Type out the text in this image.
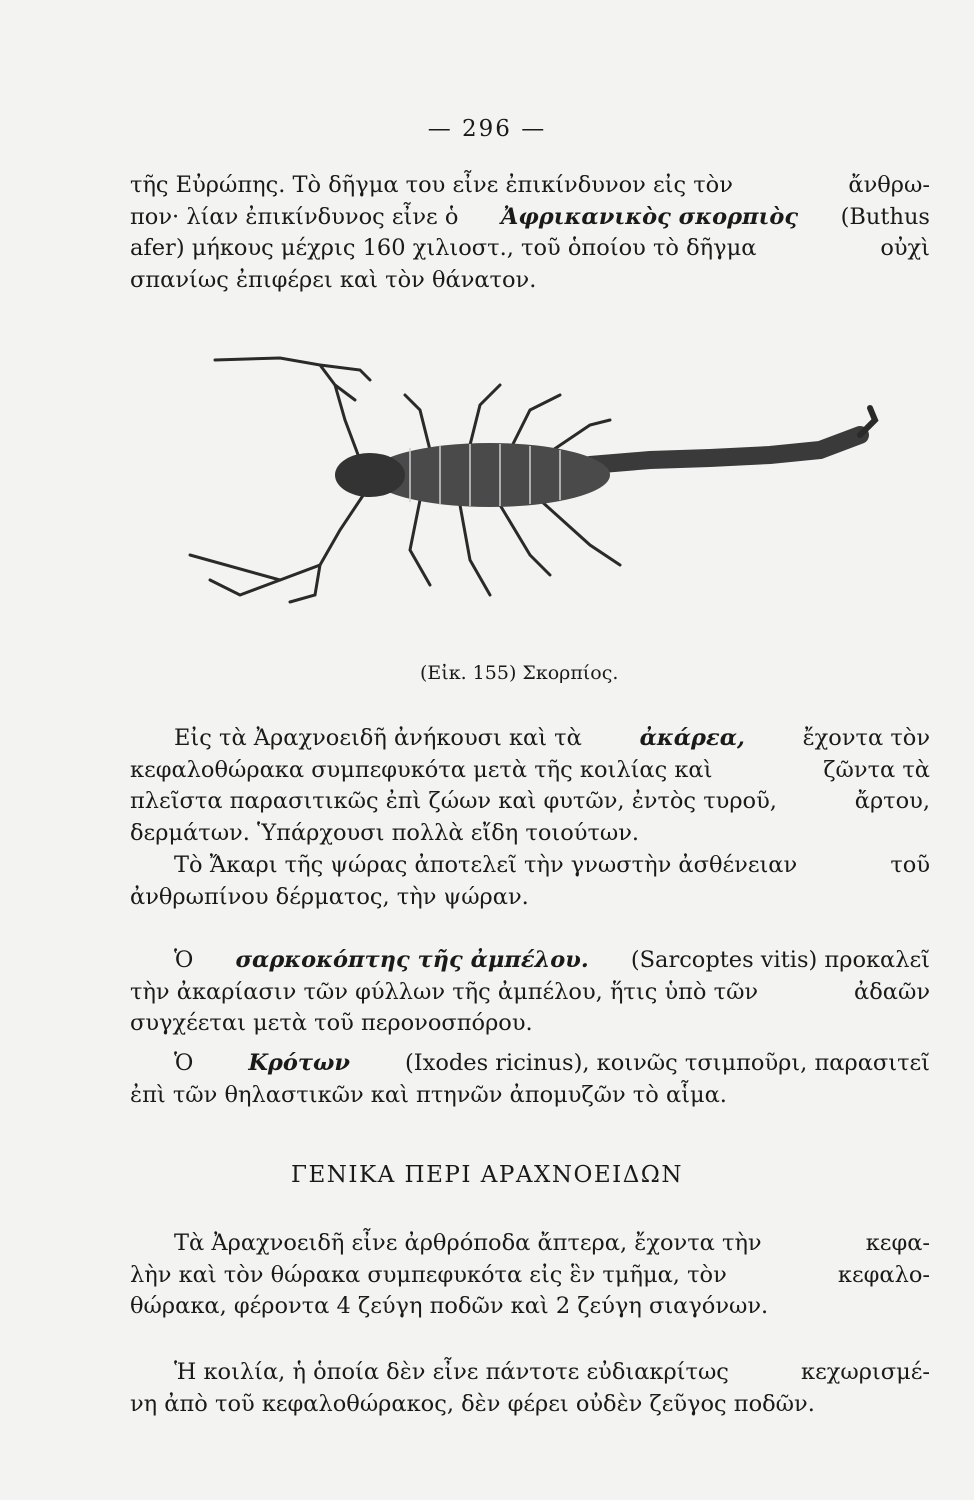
— 296 —
τῆς Εὐρώπης. Τὸ δῆγμα του εἶνε ἐπικίνδυνον εἰς τὸν	ἄνθρω-
πον· λίαν ἐπικίνδυνος εἶνε ὁ Ἀφρικανικὸς σκορπιὸς (Buthus
afer) μήκους μέχρις 160 χιλιοστ., τοῦ ὁποίου τὸ δῆγμα	οὐχὶ
σπανίως ἐπιφέρει καὶ τὸν θάνατον.
(Εἰκ. 155) Σκορπίος.
Εἰς τὰ Ἀραχνοειδῆ ἀνήκουσι καὶ τὰ	ἀκάρεα,	ἔχοντα τὸν
κεφαλοθώρακα συμπεφυκότα μετὰ τῆς κοιλίας καὶ	ζῶντα τὰ
πλεῖστα παρασιτικῶς ἐπὶ ζώων καὶ φυτῶν, ἐντὸς τυροῦ,	ἄρτου,
δερμάτων. Ὑπάρχουσι πολλὰ εἴδη τοιούτων.
Τὸ Ἄκαρι τῆς ψώρας ἀποτελεῖ τὴν γνωστὴν ἀσθένειαν	τοῦ
ἀνθρωπίνου δέρματος, τὴν ψώραν.
Ὁ σαρκοκόπτης τῆς ἀμπέλου. (Sarcoptes vitis) προκαλεῖ
τὴν ἀκαρίασιν τῶν φύλλων τῆς ἀμπέλου, ἥτις ὑπὸ τῶν	ἀδαῶν
συγχέεται μετὰ τοῦ περονοσπόρου.
Ὁ Κρότων (Ixodes ricinus), κοινῶς τσιμποῦρι, παρασιτεῖ
ἐπὶ τῶν θηλαστικῶν καὶ πτηνῶν ἀπομυζῶν τὸ αἷμα.
ΓΕΝΙΚΑ ΠΕΡΙ ΑΡΑΧΝΟΕΙΔΩΝ
Τὰ Ἀραχνοειδῆ εἶνε ἀρθρόποδα ἄπτερα, ἔχοντα τὴν	κεφα-
λὴν καὶ τὸν θώρακα συμπεφυκότα εἰς ἓν τμῆμα, τὸν	κεφαλο-
θώρακα, φέροντα 4 ζεύγη ποδῶν καὶ 2 ζεύγη σιαγόνων.
Ἡ κοιλία, ἡ ὁποία δὲν εἶνε πάντοτε εὐδιακρίτως	κεχωρισμέ-
νη ἀπὸ τοῦ κεφαλοθώρακος, δὲν φέρει οὐδὲν ζεῦγος ποδῶν.
